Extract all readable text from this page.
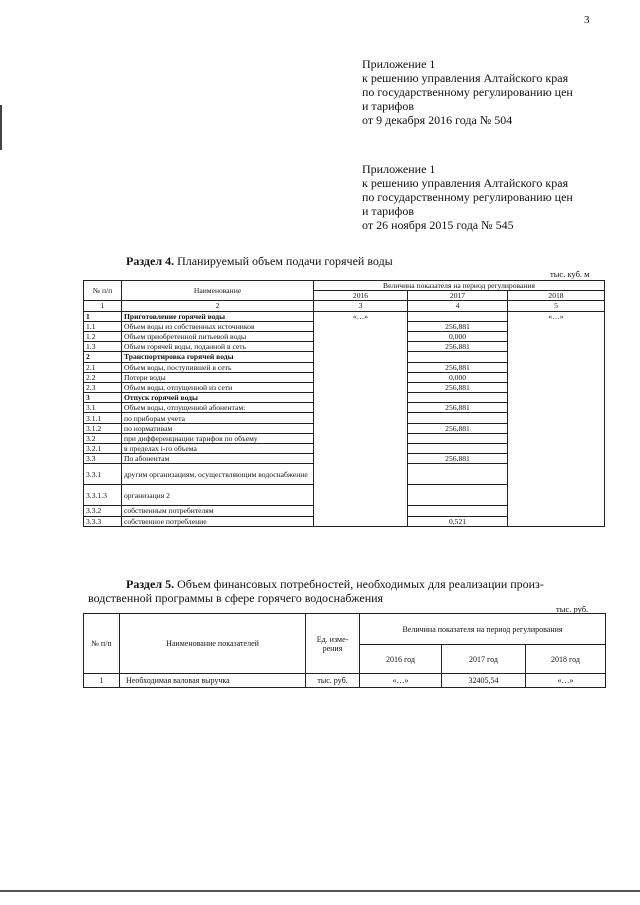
3
Приложение 1
к решению управления Алтайского края
по государственному регулированию цен
и тарифов
от 9 декабря 2016 года № 504
Приложение 1
к решению управления Алтайского края
по государственному регулированию цен
и тарифов
от 26 ноября 2015 года № 545
Раздел 4. Планируемый объем подачи горячей воды
тыс. куб. м
№ п/п	Наименование	Величина показателя на период регулирования		
		2016	2017	2018
1	2	3	4	5
1	Приготовление горячей воды	«…»		«…»
1.1	Объем воды из собственных источников		256,881	
1.2	Объем приобретенной питьевой воды		0,000	
1.3	Объем горячей воды, поданной в сеть		256,881	
2	Транспортировка горячей воды			
2.1	Объем воды, поступившей в сеть		256,881	
2.2	Потери воды		0,000	
2.3	Объем воды, отпущенной из сети		256,881	
3	Отпуск горячей воды			
3.1	Объем воды, отпущенной абонентам:		256,881	
3.1.1	по приборам учета			
3.1.2	по нормативам		256,881	
3.2	при дифференциации тарифов по объему			
3.2.1	в пределах i-го объема			
3.3	По абонентам		256,881	
3.3.1	другим организациям, осуществляющим водоснабжение			
3.3.1.3	организация 2			
3.3.2	собственным потребителям			
3.3.3	собственное потребление		0,521	
Раздел 5. Объем финансовых потребностей, необходимых для реализации произ-
водственной программы в сфере горячего водоснабжения
тыс. руб.
№ п/п	Наименование показателей	Ед. изме-рения	Величина показателя на период регулирования		
			2016 год	2017 год	2018 год
1	Необходимая валовая выручка	тыс. руб.	«…»	32405,54	«…»
